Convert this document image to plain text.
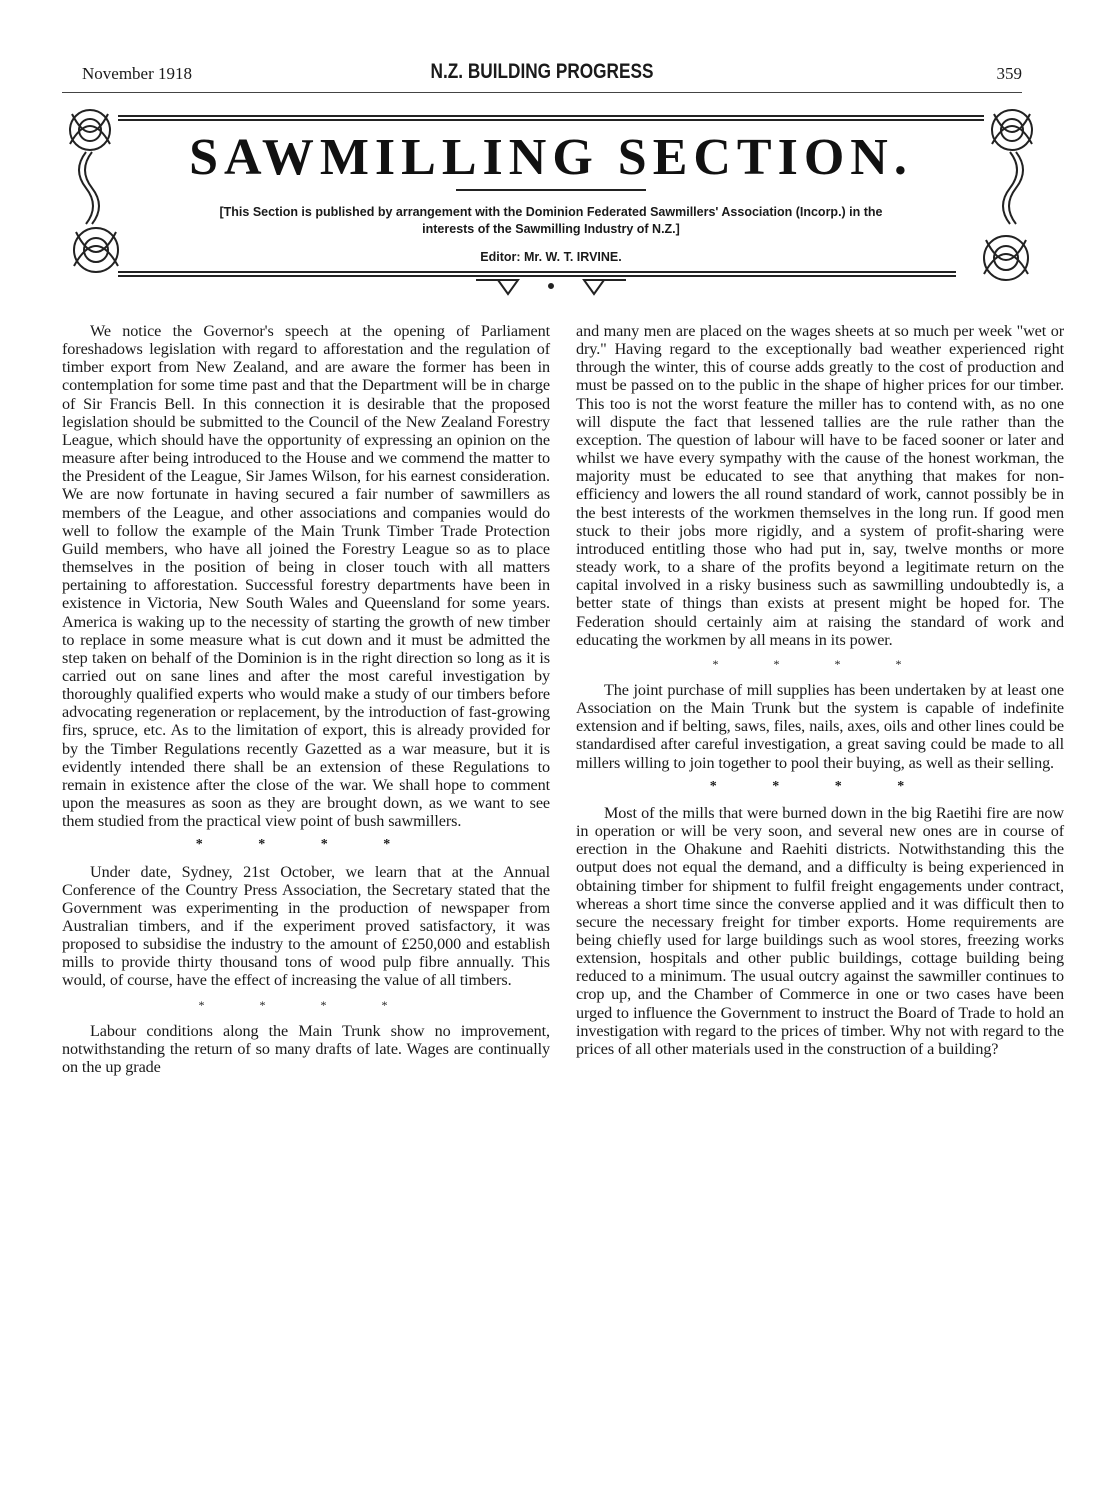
November 1918	N.Z. BUILDING PROGRESS	359
SAWMILLING SECTION.
[This Section is published by arrangement with the Dominion Federated Sawmillers' Association (Incorp.) in the interests of the Sawmilling Industry of N.Z.]
Editor: Mr. W. T. IRVINE.

We notice the Governor's speech at the opening of Parliament foreshadows legislation with regard to afforestation and the regulation of timber export from New Zealand, and are aware the former has been in contemplation for some time past and that the Department will be in charge of Sir Francis Bell. In this connection it is desirable that the proposed legislation should be submitted to the Council of the New Zealand Forestry League, which should have the opportunity of expressing an opinion on the measure after being introduced to the House and we commend the matter to the President of the League, Sir James Wilson, for his earnest consideration. We are now fortunate in having secured a fair number of sawmillers as members of the League, and other associations and companies would do well to follow the example of the Main Trunk Timber Trade Protection Guild members, who have all joined the Forestry League so as to place themselves in the position of being in closer touch with all matters pertaining to afforestation. Successful forestry departments have been in existence in Victoria, New South Wales and Queensland for some years. America is waking up to the necessity of starting the growth of new timber to replace in some measure what is cut down and it must be admitted the step taken on behalf of the Dominion is in the right direction so long as it is carried out on sane lines and after the most careful investigation by thoroughly qualified experts who would make a study of our timbers before advocating regeneration or replacement, by the introduction of fast-growing firs, spruce, etc. As to the limitation of export, this is already provided for by the Timber Regulations recently Gazetted as a war measure, but it is evidently intended there shall be an extension of these Regulations to remain in existence after the close of the war. We shall hope to comment upon the measures as soon as they are brought down, as we want to see them studied from the practical view point of bush sawmillers.

* * * *

Under date, Sydney, 21st October, we learn that at the Annual Conference of the Country Press Association, the Secretary stated that the Government was experimenting in the production of newspaper from Australian timbers, and if the experiment proved satisfactory, it was proposed to subsidise the industry to the amount of £250,000 and establish mills to provide thirty thousand tons of wood pulp fibre annually. This would, of course, have the effect of increasing the value of all timbers.

* * * *

Labour conditions along the Main Trunk show no improvement, notwithstanding the return of so many drafts of late. Wages are continually on the up grade

and many men are placed on the wages sheets at so much per week "wet or dry." Having regard to the exceptionally bad weather experienced right through the winter, this of course adds greatly to the cost of production and must be passed on to the public in the shape of higher prices for our timber. This too is not the worst feature the miller has to contend with, as no one will dispute the fact that lessened tallies are the rule rather than the exception. The question of labour will have to be faced sooner or later and whilst we have every sympathy with the cause of the honest workman, the majority must be educated to see that anything that makes for non-efficiency and lowers the all round standard of work, cannot possibly be in the best interests of the workmen themselves in the long run. If good men stuck to their jobs more rigidly, and a system of profit-sharing were introduced entitling those who had put in, say, twelve months or more steady work, to a share of the profits beyond a legitimate return on the capital involved in a risky business such as sawmilling undoubtedly is, a better state of things than exists at present might be hoped for. The Federation should certainly aim at raising the standard of work and educating the workmen by all means in its power.

* * * *

The joint purchase of mill supplies has been undertaken by at least one Association on the Main Trunk but the system is capable of indefinite extension and if belting, saws, files, nails, axes, oils and other lines could be standardised after careful investigation, a great saving could be made to all millers willing to join together to pool their buying, as well as their selling.

* * * *

Most of the mills that were burned down in the big Raetihi fire are now in operation or will be very soon, and several new ones are in course of erection in the Ohakune and Raehiti districts. Notwithstanding this the output does not equal the demand, and a difficulty is being experienced in obtaining timber for shipment to fulfil freight engagements under contract, whereas a short time since the converse applied and it was difficult then to secure the necessary freight for timber exports. Home requirements are being chiefly used for large buildings such as wool stores, freezing works extension, hospitals and other public buildings, cottage building being reduced to a minimum. The usual outcry against the sawmiller continues to crop up, and the Chamber of Commerce in one or two cases have been urged to influence the Government to instruct the Board of Trade to hold an investigation with regard to the prices of timber. Why not with regard to the prices of all other materials used in the construction of a building?
